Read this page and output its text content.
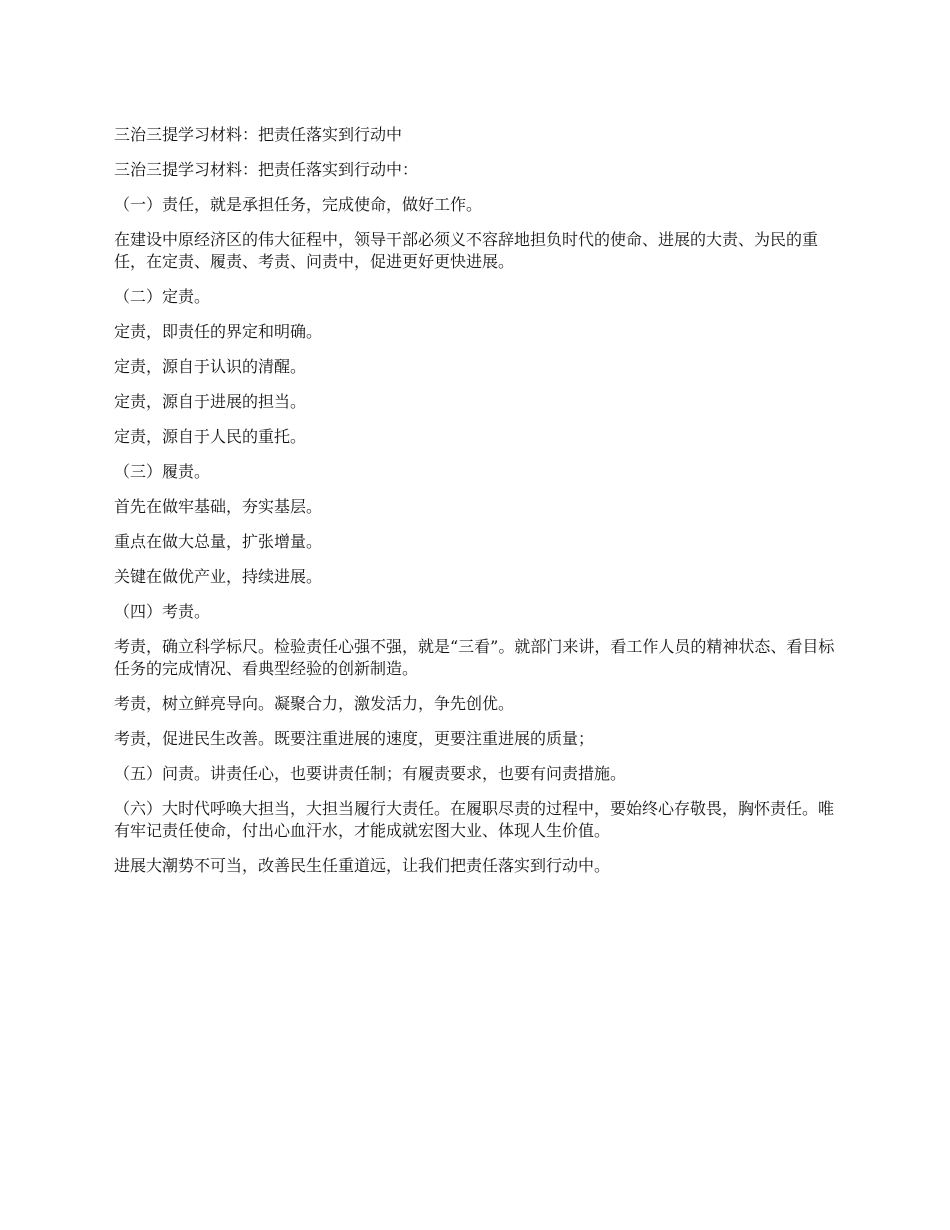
三治三提学习材料：把责任落实到行动中

三治三提学习材料：把责任落实到行动中：

（一）责任，就是承担任务，完成使命，做好工作。

在建设中原经济区的伟大征程中，领导干部必须义不容辞地担负时代的使命、进展的大责、为民的重任，在定责、履责、考责、问责中，促进更好更快进展。

（二）定责。

定责，即责任的界定和明确。

定责，源自于认识的清醒。

定责，源自于进展的担当。

定责，源自于人民的重托。

（三）履责。

首先在做牢基础，夯实基层。

重点在做大总量，扩张增量。

关键在做优产业，持续进展。

（四）考责。

考责，确立科学标尺。检验责任心强不强，就是“三看”。就部门来讲，看工作人员的精神状态、看目标任务的完成情况、看典型经验的创新制造。

考责，树立鲜亮导向。凝聚合力，激发活力，争先创优。

考责，促进民生改善。既要注重进展的速度，更要注重进展的质量；

（五）问责。讲责任心，也要讲责任制；有履责要求，也要有问责措施。

（六）大时代呼唤大担当，大担当履行大责任。在履职尽责的过程中，要始终心存敬畏，胸怀责任。唯有牢记责任使命，付出心血汗水，才能成就宏图大业、体现人生价值。

进展大潮势不可当，改善民生任重道远，让我们把责任落实到行动中。
